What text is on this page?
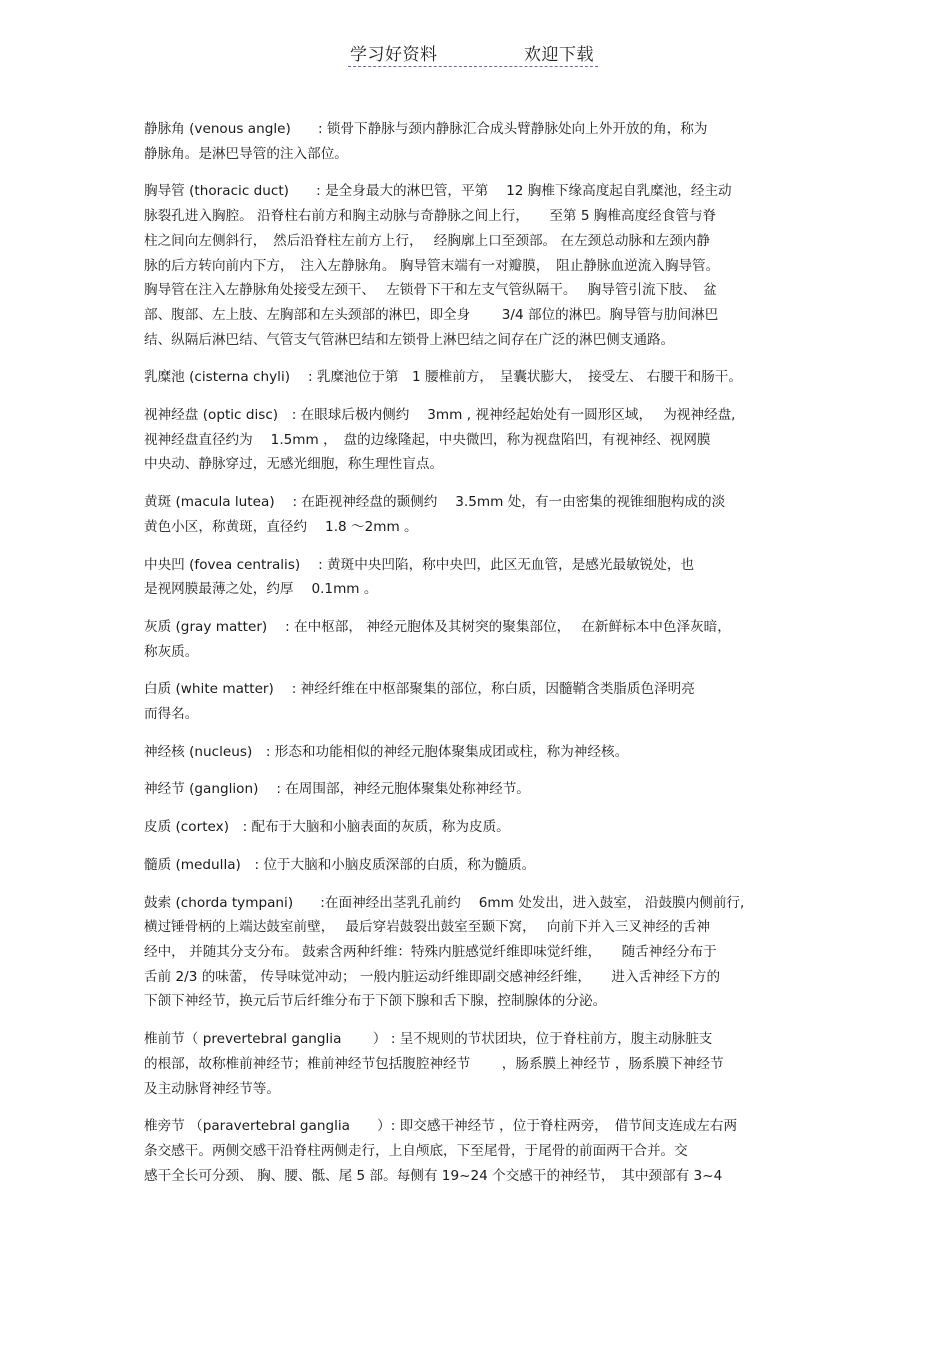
学习好资料	欢迎下载

静脉角 (venous angle)　　: 锁骨下静脉与颈内静脉汇合成头臂静脉处向上外开放的角，称为
静脉角。是淋巴导管的注入部位。

胸导管 (thoracic duct)　　: 是全身最大的淋巴管，平第　 12 胸椎下缘高度起自乳糜池，经主动
脉裂孔进入胸腔。 沿脊柱右前方和胸主动脉与奇静脉之间上行，　　至第 5 胸椎高度经食管与脊
柱之间向左侧斜行，　然后沿脊柱左前方上行，　 经胸廓上口至颈部。 在左颈总动脉和左颈内静
脉的后方转向前内下方，　注入左静脉角。 胸导管末端有一对瓣膜，　阻止静脉血逆流入胸导管。
胸导管在注入左静脉角处接受左颈干、　 左锁骨下干和左支气管纵隔干。　 胸导管引流下肢、　盆
部、腹部、左上肢、左胸部和左头颈部的淋巴，即全身　　 3/4 部位的淋巴。胸导管与肋间淋巴
结、纵隔后淋巴结、气管支气管淋巴结和左锁骨上淋巴结之间存在广泛的淋巴侧支通路。

乳糜池 (cisterna chyli)　 : 乳糜池位于第　1 腰椎前方，　呈囊状膨大，　接受左、 右腰干和肠干。

视神经盘 (optic disc)　: 在眼球后极内侧约　 3mm , 视神经起始处有一圆形区域，　 为视神经盘,
视神经盘直径约为　 1.5mm ，　盘的边缘隆起，中央微凹，称为视盘陷凹，有视神经、视网膜
中央动、静脉穿过，无感光细胞，称生理性盲点。

黄斑 (macula lutea)　 : 在距视神经盘的颞侧约　 3.5mm 处，有一由密集的视锥细胞构成的淡
黄色小区，称黄斑，直径约　 1.8 ～2mm 。

中央凹 (fovea centralis)　 : 黄斑中央凹陷，称中央凹，此区无血管，是感光最敏锐处，也
是视网膜最薄之处，约厚　 0.1mm 。

灰质 (gray matter)　 : 在中枢部， 神经元胞体及其树突的聚集部位，　 在新鲜标本中色泽灰暗，
称灰质。

白质 (white matter)　 : 神经纤维在中枢部聚集的部位，称白质，因髓鞘含类脂质色泽明亮
而得名。

神经核 (nucleus)　: 形态和功能相似的神经元胞体聚集成团或柱，称为神经核。

神经节 (ganglion)　 : 在周围部，神经元胞体聚集处称神经节。

皮质 (cortex)　: 配布于大脑和小脑表面的灰质，称为皮质。

髓质 (medulla)　: 位于大脑和小脑皮质深部的白质，称为髓质。

鼓索 (chorda tympani)　　:在面神经出茎乳孔前约　 6mm 处发出，进入鼓室， 沿鼓膜内侧前行,
横过锤骨柄的上端达鼓室前壁，　 最后穿岩鼓裂出鼓室至颞下窝，　 向前下并入三叉神经的舌神
经中， 并随其分支分布。 鼓索含两种纤维：特殊内脏感觉纤维即味觉纤维，　　随舌神经分布于
舌前 2/3 的味蕾， 传导味觉冲动； 一般内脏运动纤维即副交感神经纤维，　　进入舌神经下方的
下颌下神经节，换元后节后纤维分布于下颌下腺和舌下腺，控制腺体的分泌。

椎前节（ prevertebral ganglia　　 ） : 呈不规则的节状团块，位于脊柱前方，腹主动脉脏支
的根部，故称椎前神经节；椎前神经节包括腹腔神经节　　 ，肠系膜上神经节 ，肠系膜下神经节
及主动脉肾神经节等。

椎旁节 （paravertebral ganglia　　）: 即交感干神经节 ，位于脊柱两旁，　借节间支连成左右两
条交感干。两侧交感干沿脊柱两侧走行，上自颅底，下至尾骨，于尾骨的前面两干合并。交
感干全长可分颈、 胸、腰、骶、尾 5 部。每侧有 19~24 个交感干的神经节，　其中颈部有 3~4
